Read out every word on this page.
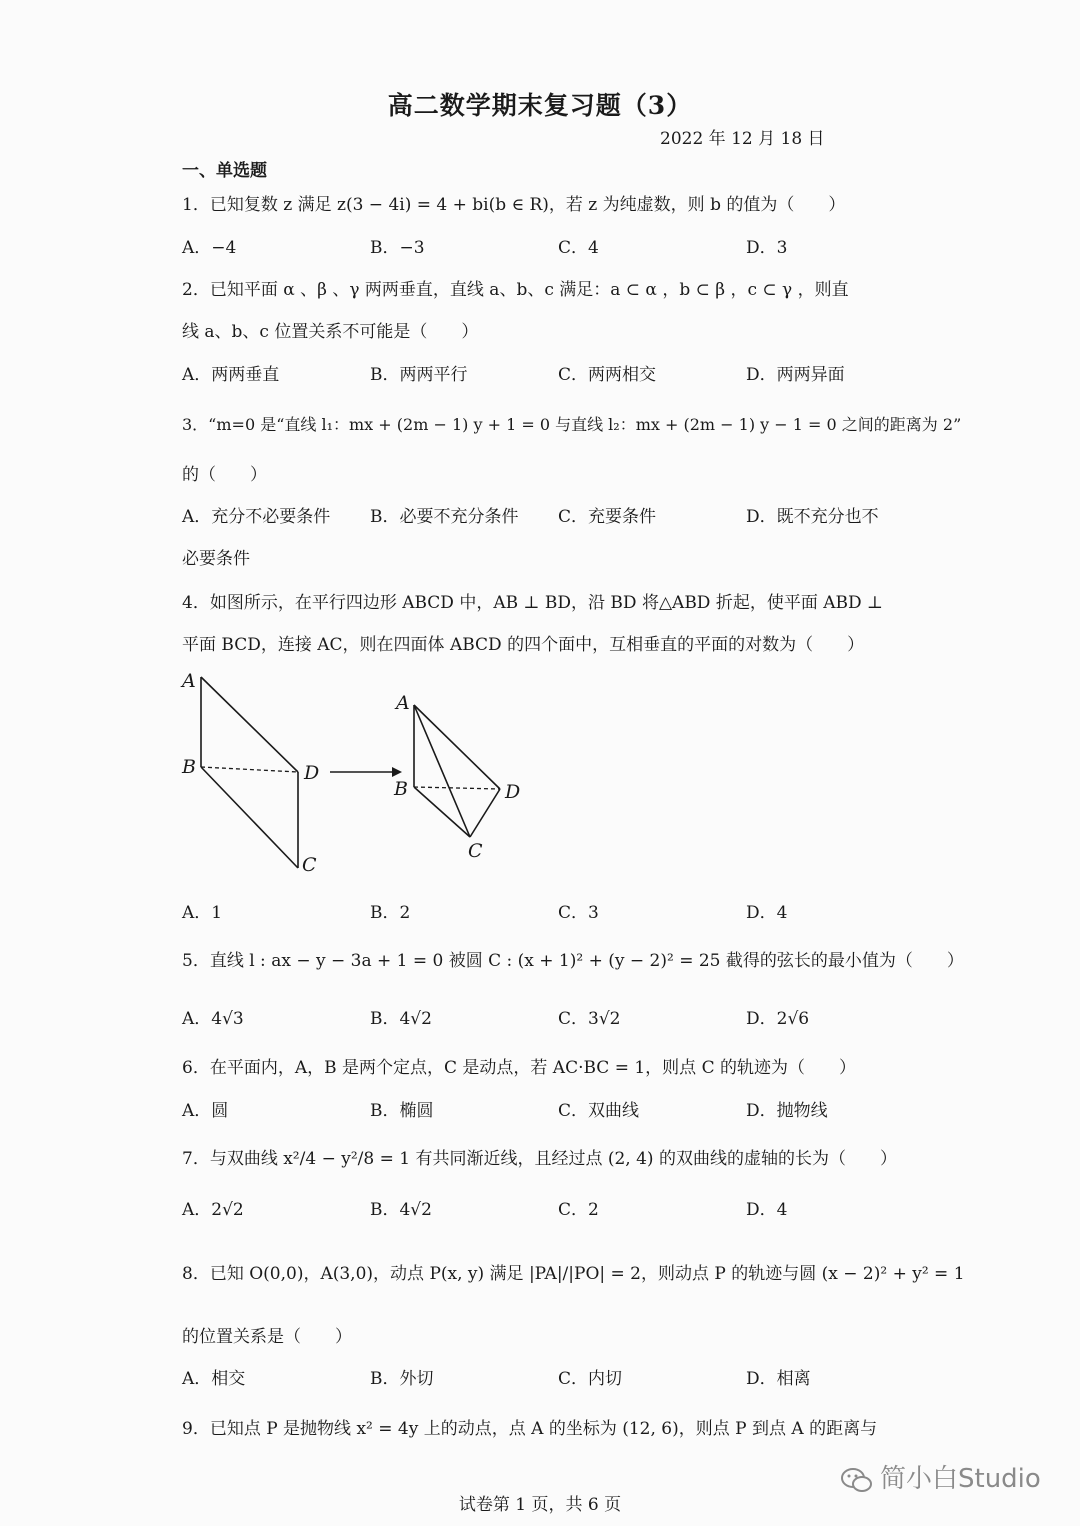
高二数学期末复习题（3）
2022 年 12 月 18 日
一、单选题
1．已知复数 z 满足 z(3 − 4i) = 4 + bi(b ∈ R)，若 z 为纯虚数，则 b 的值为（　　）
A．−4	B．−3	C．4	D．3
2．已知平面 α 、β 、γ 两两垂直，直线 a、b、c 满足：a ⊂ α ，b ⊂ β ，c ⊂ γ ，则直
线 a、b、c 位置关系不可能是（　　）
A．两两垂直	B．两两平行	C．两两相交	D．两两异面
3．“m=0 是“直线 l₁：mx + (2m − 1) y + 1 = 0 与直线 l₂：mx + (2m − 1) y − 1 = 0 之间的距离为 2”
的（　　）
A．充分不必要条件 B．必要不充分条件 C．充要条件	D．既不充分也不
必要条件
4．如图所示，在平行四边形 ABCD 中，AB ⊥ BD，沿 BD 将△ABD 折起，使平面 ABD ⊥
平面 BCD，连接 AC，则在四面体 ABCD 的四个面中，互相垂直的平面的对数为（　　）
A
B	D
C
A
B	D
C
A．1	B．2	C．3	D．4
5．直线 l : ax − y − 3a + 1 = 0 被圆 C : (x + 1)² + (y − 2)² = 25 截得的弦长的最小值为（　　）
A．4√3	B．4√2	C．3√2	D．2√6
6．在平面内，A，B 是两个定点，C 是动点，若 AC·BC = 1，则点 C 的轨迹为（　　）
A．圆	B．椭圆	C．双曲线	D．抛物线
7．与双曲线 x²/4 − y²/8 = 1 有共同渐近线，且经过点 (2, 4) 的双曲线的虚轴的长为（　　）
A．2√2	B．4√2	C．2	D．4
8．已知 O(0,0)，A(3,0)，动点 P(x, y) 满足 |PA|/|PO| = 2，则动点 P 的轨迹与圆 (x − 2)² + y² = 1
的位置关系是（　　）
A．相交	B．外切	C．内切	D．相离
9．已知点 P 是抛物线 x² = 4y 上的动点，点 A 的坐标为 (12, 6)，则点 P 到点 A 的距离与
试卷第 1 页，共 6 页
简小白Studio
